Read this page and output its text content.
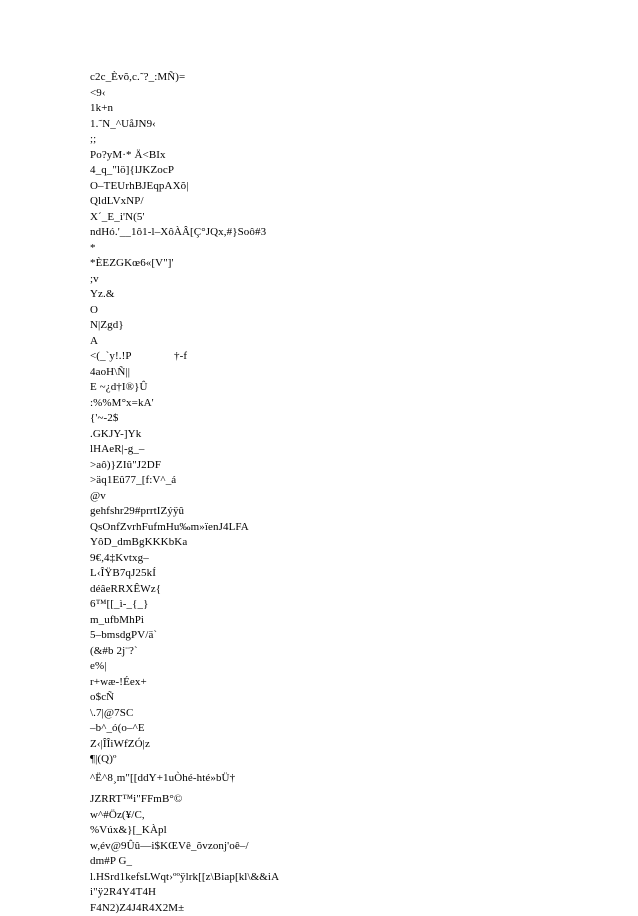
c2c_Èvõ,c.˜?_:MÑ)=
<9‹
1k+n
1.˜N_^UåJN9‹
;;
Po?yM·* Ä<BIx
4_q_"lö]{lJKZocP
O–TEUrhBJEqpAXõ|
QldLVxNP/
X´_E_i'N(5'
ndHó.'__1ô1-l–XôÀÂ[Ç°JQx,#}Soô#3
*
*ÈEZGKœ6«[V"]'
;v
Yz.&
O
N|Zgd}
A
<(_`y!.!P               †-f
4aoH\Ñ||
E ~¿d†I®}Û
:%%M°x=kA'
{'~-2$
.GKJY-]Yk
lHAeR|-g_–
>aô)}ZIû"J2DF
>äq1Eû77_[f:V^_á
@v
gehfshr29#prrtIZýÿû
QsOnfZvrhFufmHu‰m»ïenJ4LFA
YôD_dmBgKKKbKa
9€,4‡Kvtxg–
L‹ÎŸB7qJ25kÍ
déâeRRXÊWz{
6™[[_ì-_{_}
m_ufbMhPi
5–bmsdgPV/ä`
(&#b 2j¨?`
e%|
r+wæ-!Éex+
o$cÑ
\.7|@7SC
–b^_ó(o–^E
Z‹|ÎÎiWfZÓ|z
¶|(Q)º
^Ë^8¸m"[[ddY+1uÒhé-hté»bÜ†
JZRRT™i"FFmB°©
w^#Öz(¥/C,
%Vúx&}[_KÀpl
w,év@9Ûû—i$KŒVê_õvzonj'oê–/
dm#P G_
l.HSrd1kefsLWqt›ººÿlrk[[z\Biap[kl\&&iA
i"ÿ2R4Y4T4H
F4N2)Z4J4R4X2M±
